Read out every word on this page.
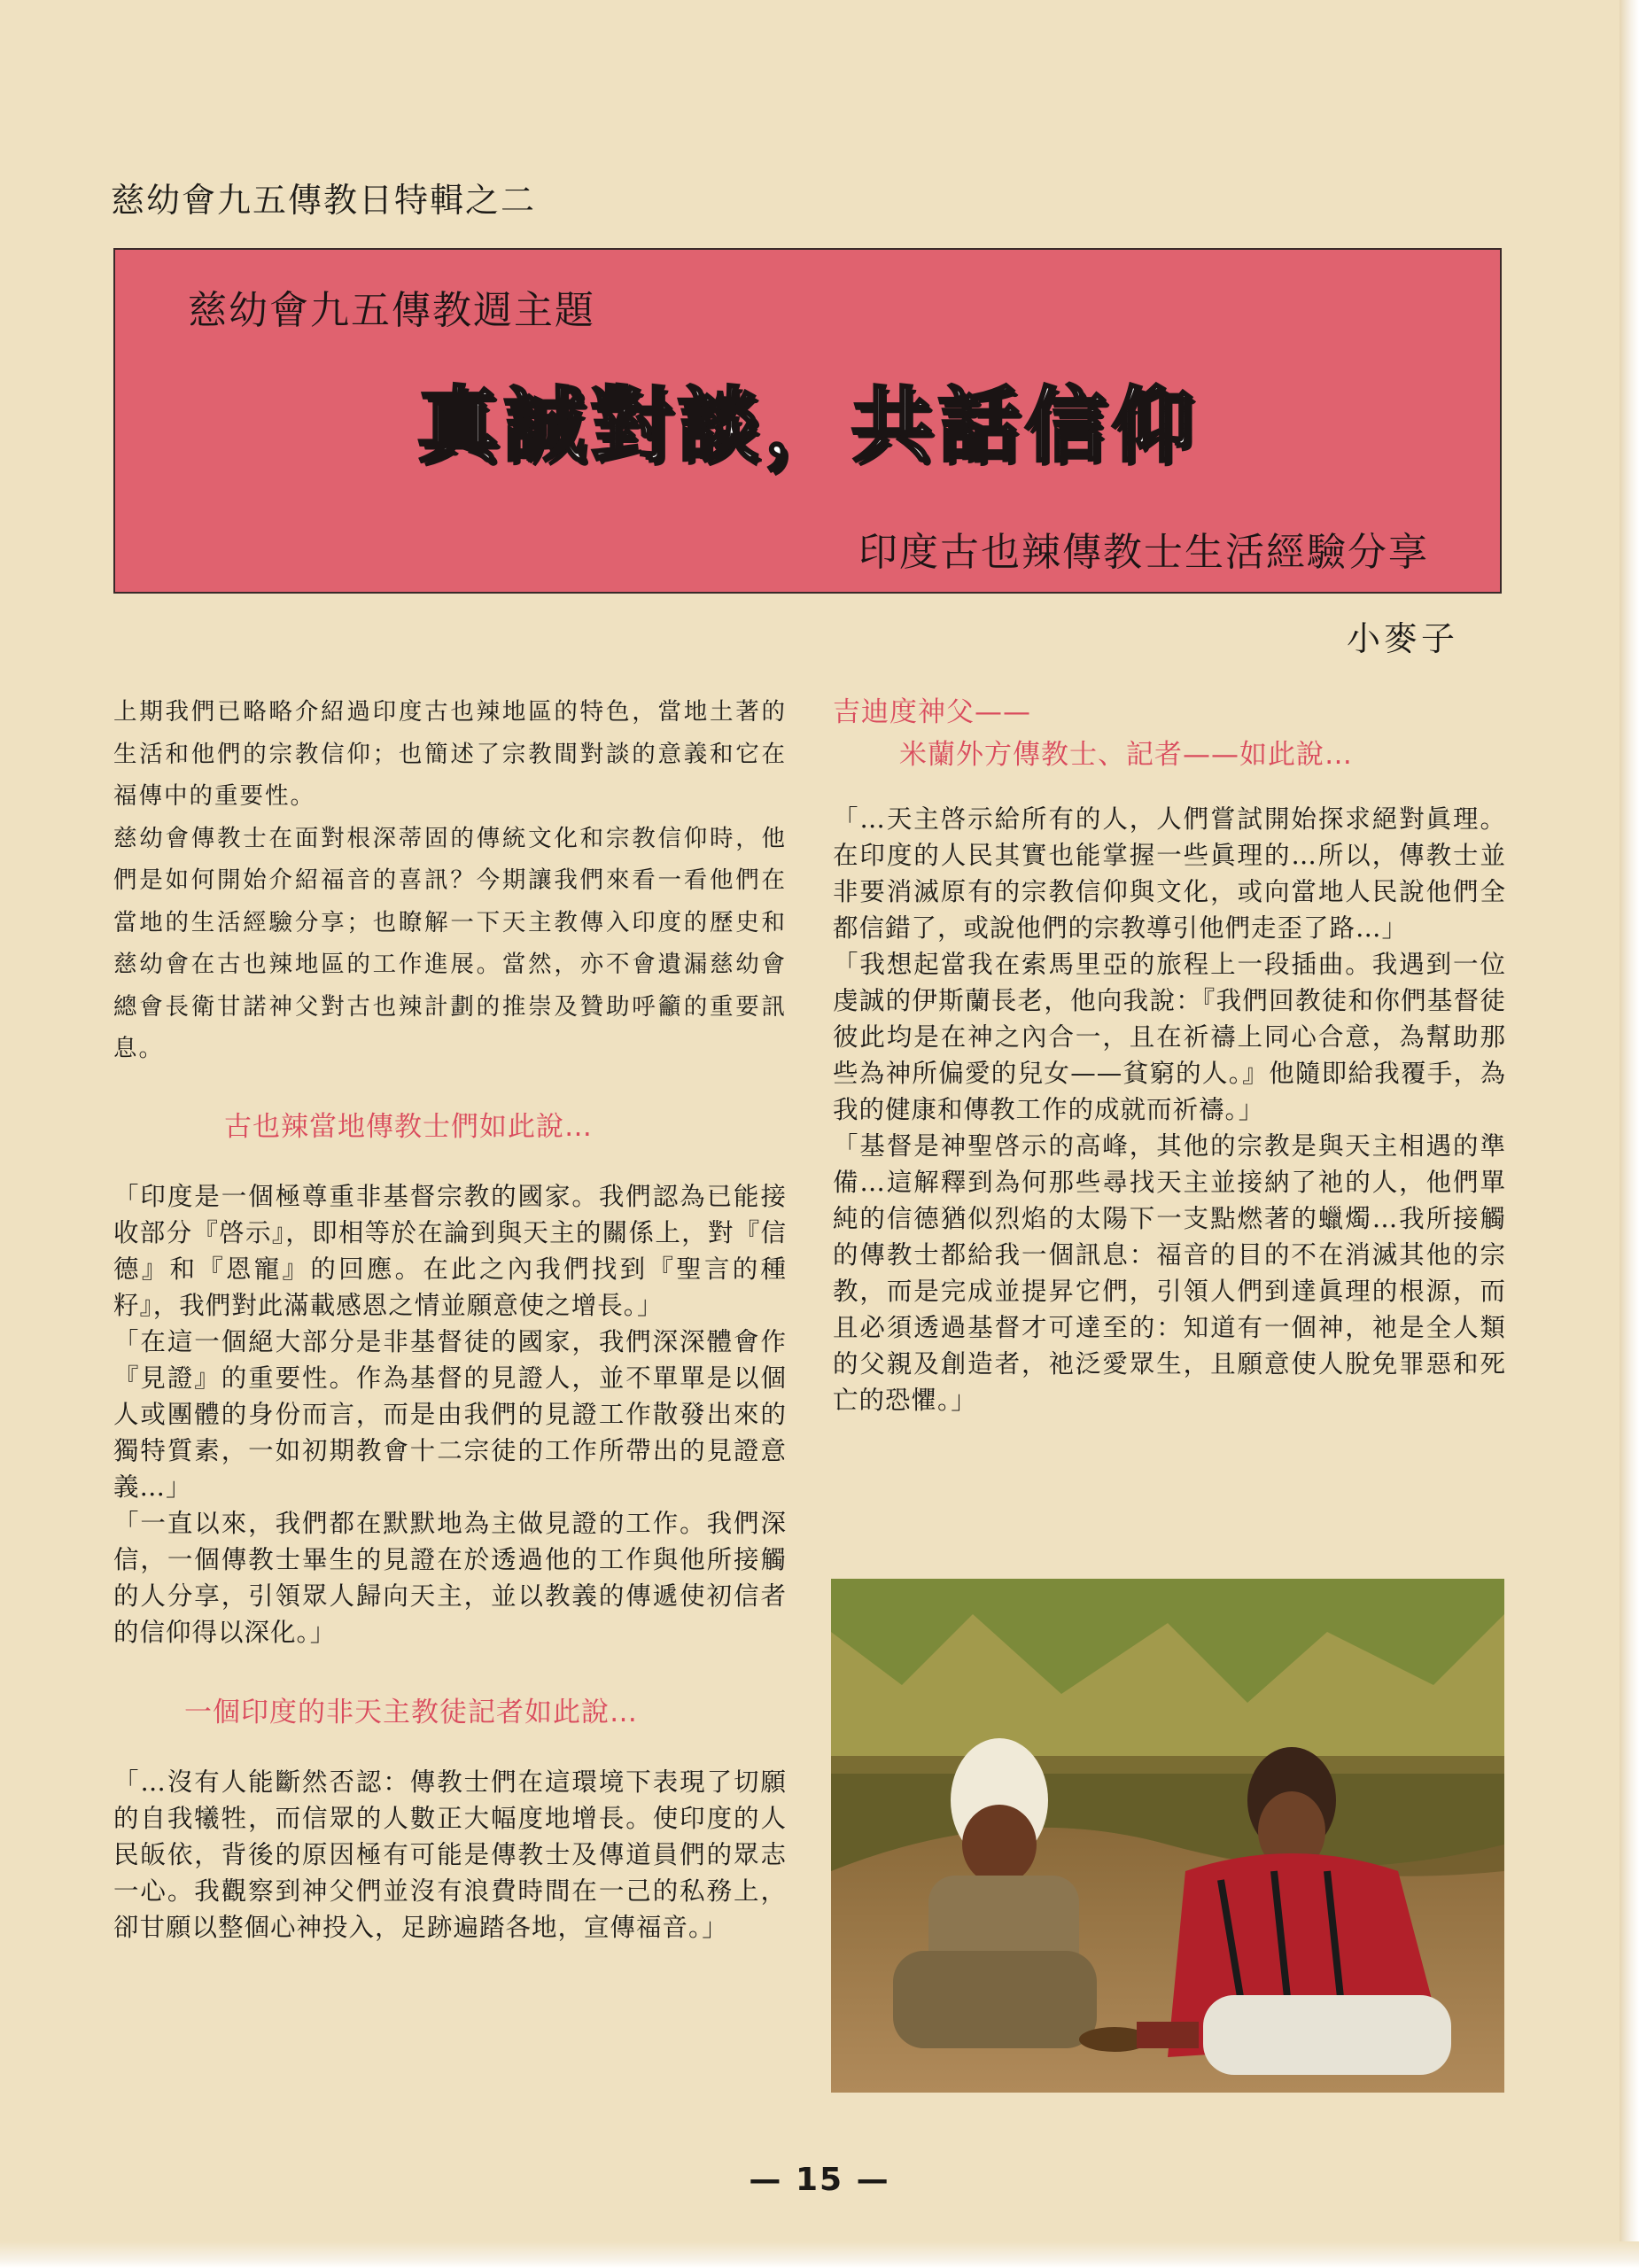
慈幼會九五傳教日特輯之二
慈幼會九五傳教週主題
真誠對談，共話信仰
印度古也辣傳教士生活經驗分享
小麥子

上期我們已略略介紹過印度古也辣地區的特色，當地土著的生活和他們的宗教信仰；也簡述了宗教間對談的意義和它在福傳中的重要性。

慈幼會傳教士在面對根深蒂固的傳統文化和宗教信仰時，他們是如何開始介紹福音的喜訊？今期讓我們來看一看他們在當地的生活經驗分享；也瞭解一下天主教傳入印度的歷史和慈幼會在古也辣地區的工作進展。當然，亦不會遺漏慈幼會總會長衛甘諾神父對古也辣計劃的推崇及贊助呼籲的重要訊息。

古也辣當地傳教士們如此說…

「印度是一個極尊重非基督宗教的國家。我們認為已能接收部分『啓示』，即相等於在論到與天主的關係上，對『信德』和『恩寵』的回應。在此之內我們找到『聖言的種籽』，我們對此滿載感恩之情並願意使之增長。」

「在這一個絕大部分是非基督徒的國家，我們深深體會作『見證』的重要性。作為基督的見證人，並不單單是以個人或團體的身份而言，而是由我們的見證工作散發出來的獨特質素，一如初期教會十二宗徒的工作所帶出的見證意義…」

「一直以來，我們都在默默地為主做見證的工作。我們深信，一個傳教士畢生的見證在於透過他的工作與他所接觸的人分享，引領眾人歸向天主，並以教義的傳遞使初信者的信仰得以深化。」

一個印度的非天主教徒記者如此說…

「…沒有人能斷然否認：傳教士們在這環境下表現了切願的自我犧牲，而信眾的人數正大幅度地增長。使印度的人民皈依，背後的原因極有可能是傳教士及傳道員們的眾志一心。我觀察到神父們並沒有浪費時間在一己的私務上，卻甘願以整個心神投入，足跡遍踏各地，宣傳福音。」

吉迪度神父——
米蘭外方傳教士、記者——如此說…

「…天主啓示給所有的人，人們嘗試開始探求絕對眞理。在印度的人民其實也能掌握一些眞理的…所以，傳教士並非要消滅原有的宗教信仰與文化，或向當地人民說他們全都信錯了，或說他們的宗教導引他們走歪了路…」

「我想起當我在索馬里亞的旅程上一段插曲。我遇到一位虔誠的伊斯蘭長老，他向我說：『我們回教徒和你們基督徒彼此均是在神之內合一，且在祈禱上同心合意，為幫助那些為神所偏愛的兒女——貧窮的人。』他隨即給我覆手，為我的健康和傳教工作的成就而祈禱。」

「基督是神聖啓示的高峰，其他的宗教是與天主相遇的準備…這解釋到為何那些尋找天主並接納了祂的人，他們單純的信德猶似烈焰的太陽下一支點燃著的蠟燭…我所接觸的傳教士都給我一個訊息：福音的目的不在消滅其他的宗教，而是完成並提昇它們，引領人們到達眞理的根源，而且必須透過基督才可達至的：知道有一個神，祂是全人類的父親及創造者，祂泛愛眾生，且願意使人脫免罪惡和死亡的恐懼。」

— 15 —
